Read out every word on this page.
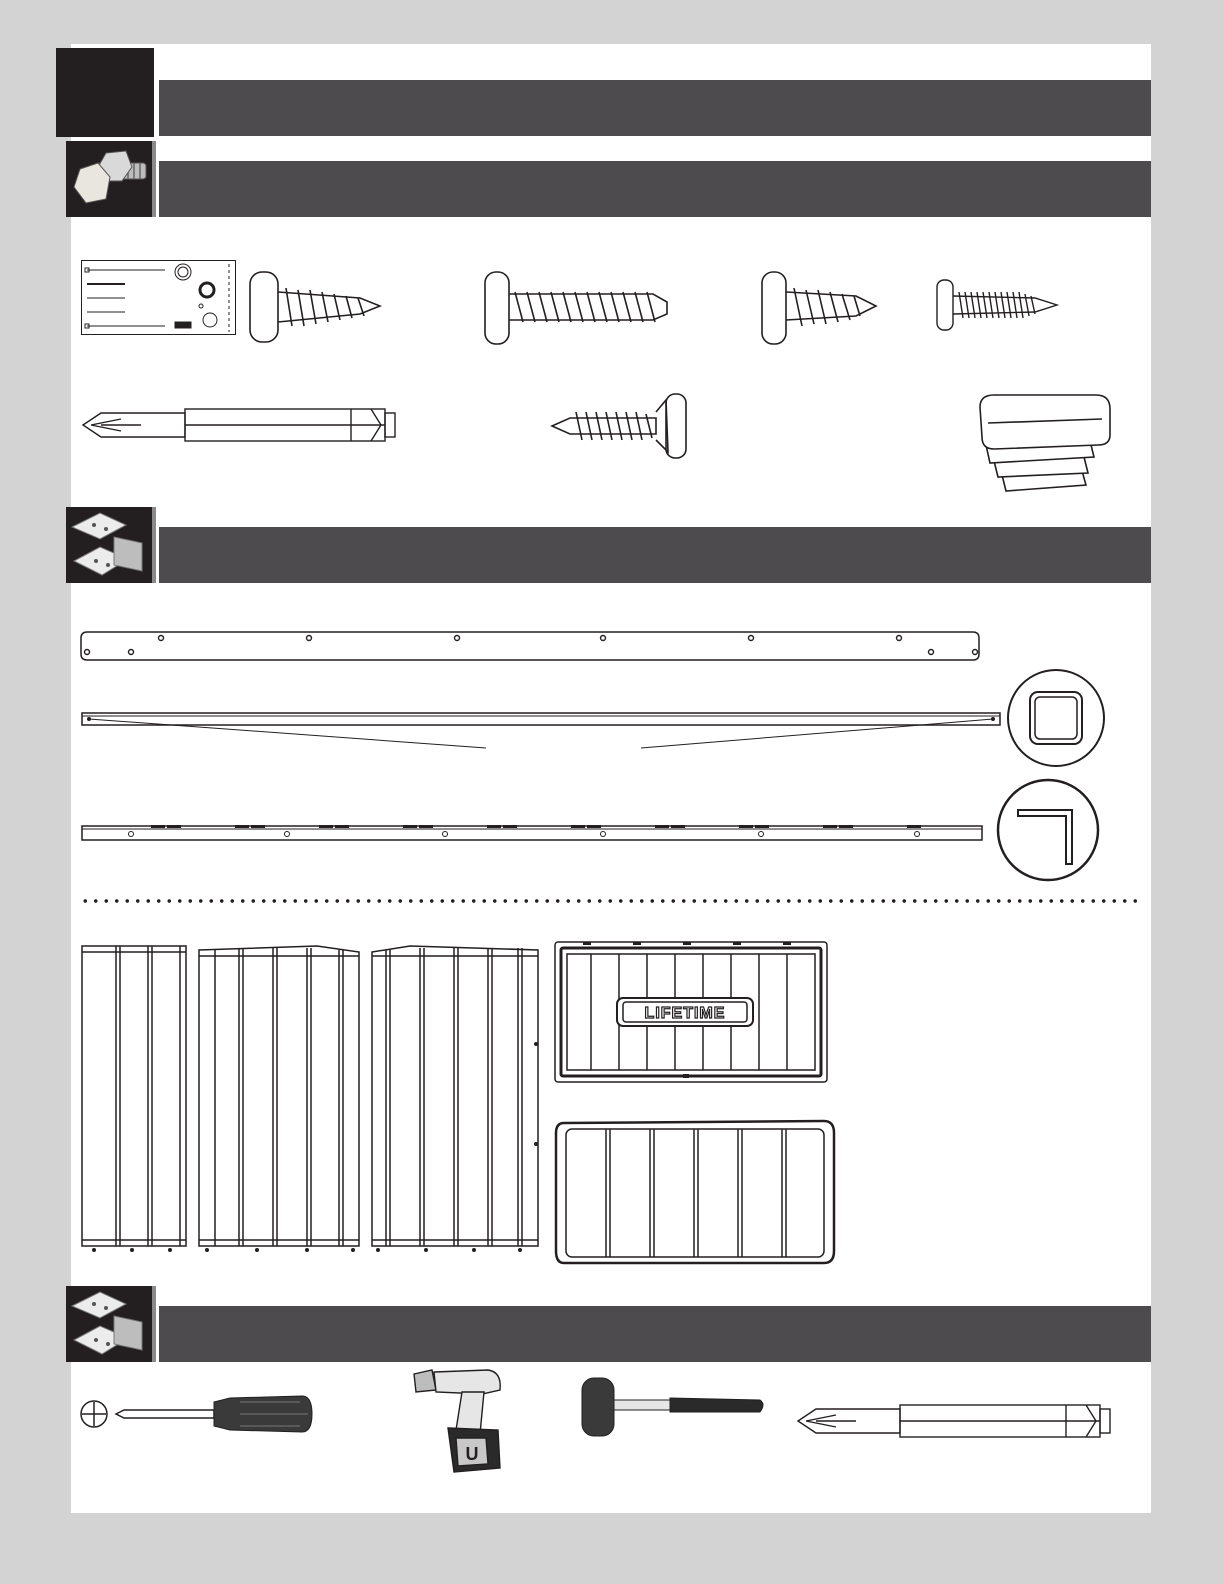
LIFETIME
U
